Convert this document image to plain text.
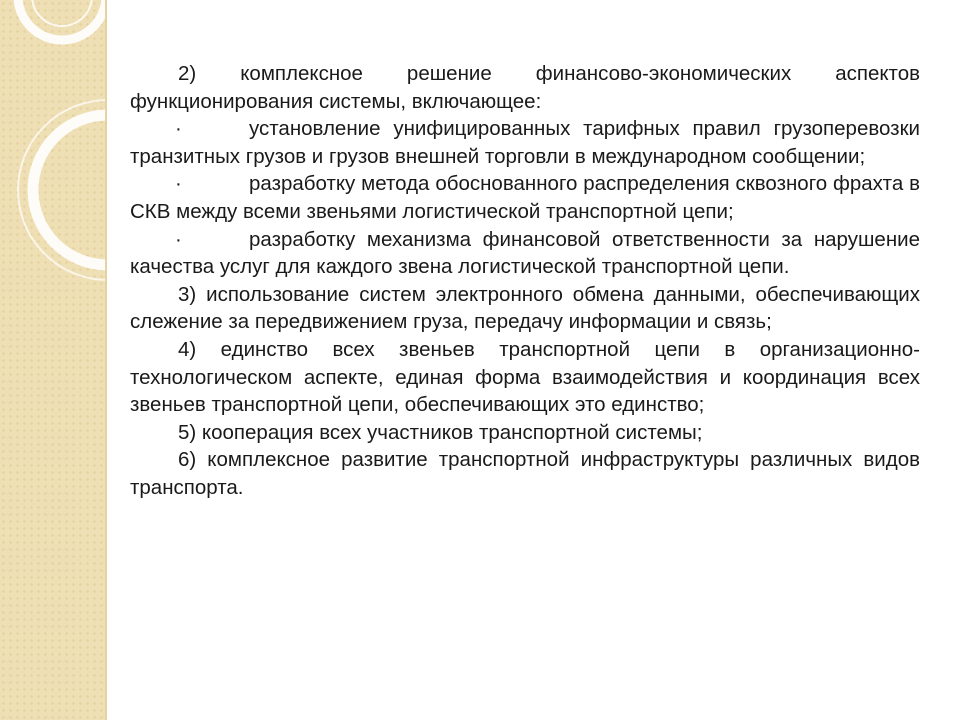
2) комплексное решение финансово-экономических аспектов функционирования системы, включающее:

·	установление унифицированных тарифных правил грузоперевозки транзитных грузов и грузов внешней торговли в международном сообщении;

·	разработку метода обоснованного распределения сквозного фрахта в СКВ между всеми звеньями логистической транспортной цепи;

·	разработку механизма финансовой ответственности за нарушение качества услуг для каждого звена логистической транспортной цепи.

3) использование систем электронного обмена данными, обеспечивающих слежение за передвижением груза, передачу информации и связь;

4) единство всех звеньев транспортной цепи в организационно-технологическом аспекте, единая форма взаимодействия и координация всех звеньев транспортной цепи, обеспечивающих это единство;

5) кооперация всех участников транспортной системы;

6) комплексное развитие транспортной инфраструктуры различных видов транспорта.
